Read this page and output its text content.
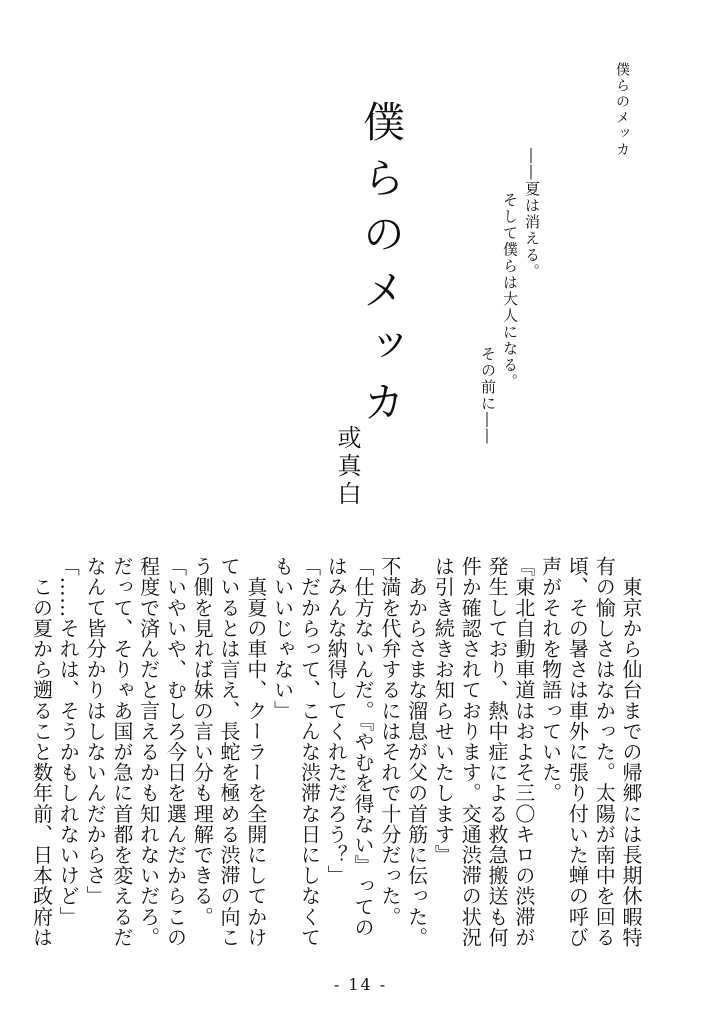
僕らのメッカ
僕らのメッカ	――夏は消える。
そして僕らは大人になる。
その前に――
或真白

　東京から仙台までの帰郷には長期休暇特

有の愉しさはなかった。太陽が南中を回る

頃、その暑さは車外に張り付いた蝉の呼び

声がそれを物語っていた。

『東北自動車道はおよそ三〇キロの渋滞が

発生しており、熱中症による救急搬送も何

件か確認されております。交通渋滞の状況

は引き続きお知らせいたします』

　あからさまな溜息が父の首筋に伝った。

不満を代弁するにはそれで十分だった。

「仕方ないんだ。『やむを得ない』っての

はみんな納得してくれただろう？」

「だからって、こんな渋滞な日にしなくて

もいいじゃない」

　真夏の車中、クーラーを全開にしてかけ

ているとは言え、長蛇を極める渋滞の向こ

う側を見れば妹の言い分も理解できる。

「いやいや、むしろ今日を選んだからこの

程度で済んだと言えるかも知れないだろ。

だって、そりゃあ国が急に首都を変えるだ

なんて皆分かりはしないんだからさ」

「……それは、そうかもしれないけど」

　この夏から遡ること数年前、日本政府は

- 14 -
